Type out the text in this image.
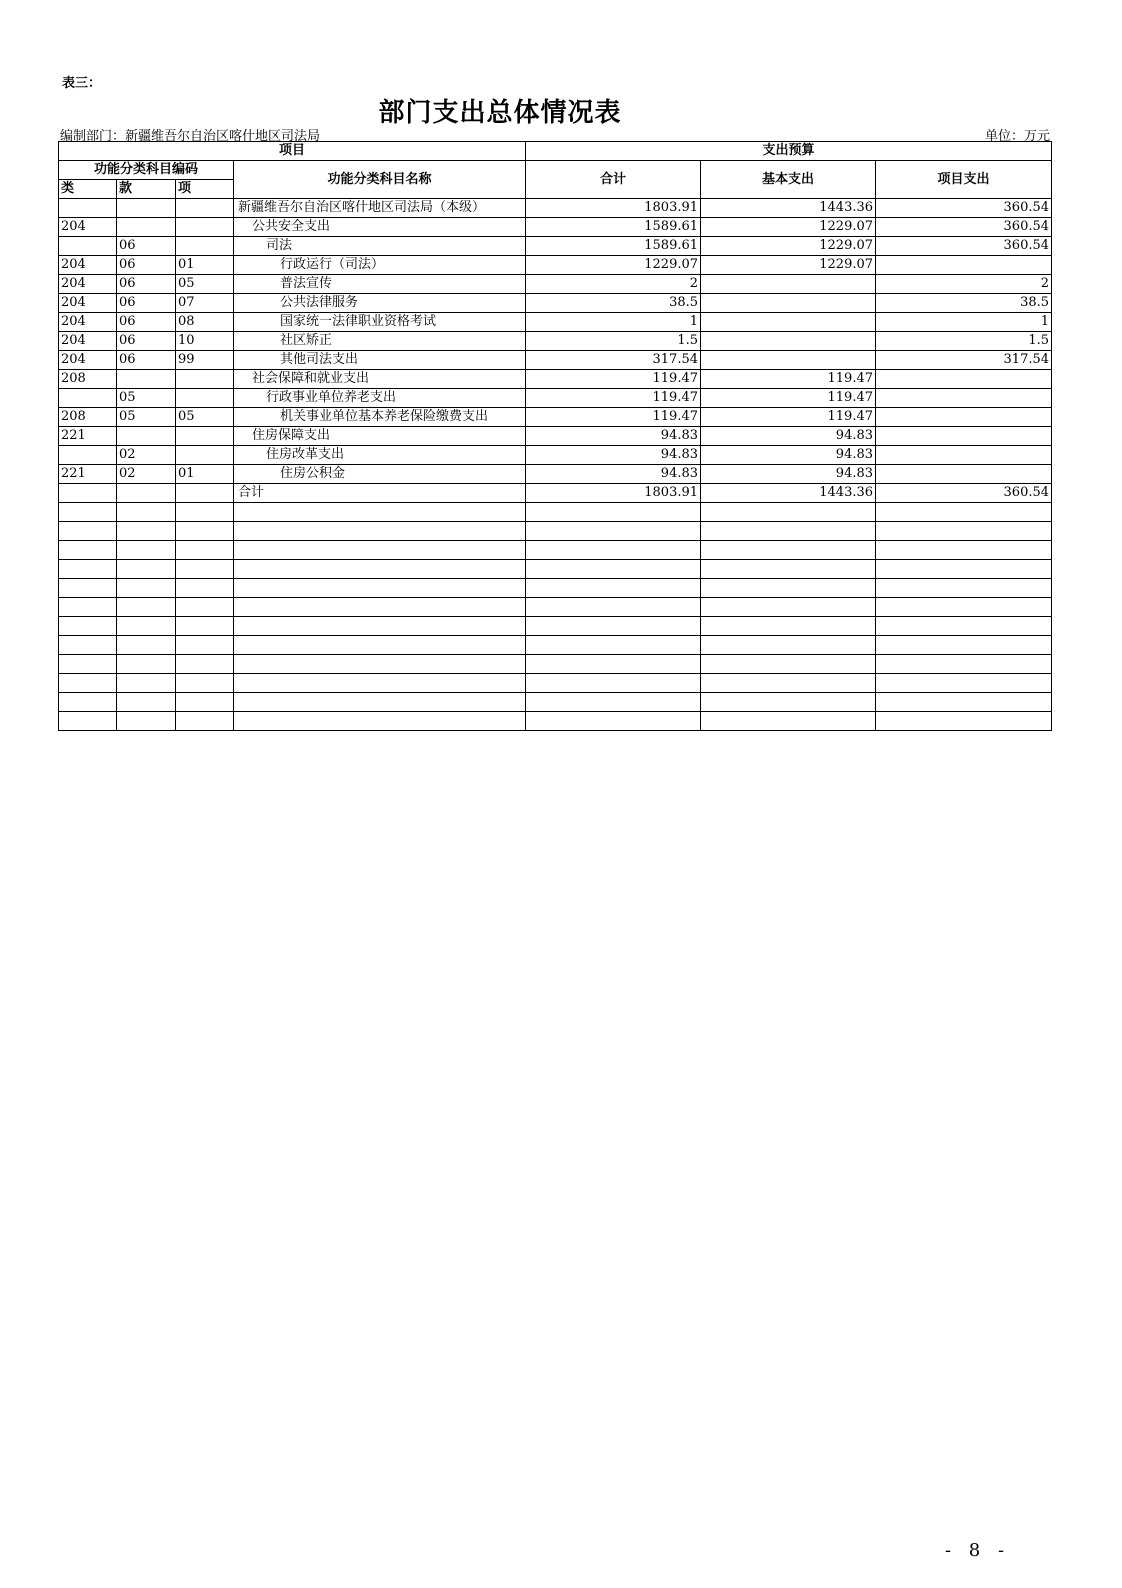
表三：
部门支出总体情况表
编制部门：新疆维吾尔自治区喀什地区司法局	单位：万元
项目				支出预算		
功能分类科目编码			功能分类科目名称	合计	基本支出	项目支出
类	款	项				
			新疆维吾尔自治区喀什地区司法局（本级）	1803.91	1443.36	360.54
204			公共安全支出	1589.61	1229.07	360.54
	06		司法	1589.61	1229.07	360.54
204	06	01	行政运行（司法）	1229.07	1229.07	
204	06	05	普法宣传	2		2
204	06	07	公共法律服务	38.5		38.5
204	06	08	国家统一法律职业资格考试	1		1
204	06	10	社区矫正	1.5		1.5
204	06	99	其他司法支出	317.54		317.54
208			社会保障和就业支出	119.47	119.47	
	05		行政事业单位养老支出	119.47	119.47	
208	05	05	机关事业单位基本养老保险缴费支出	119.47	119.47	
221			住房保障支出	94.83	94.83	
	02		住房改革支出	94.83	94.83	
221	02	01	住房公积金	94.83	94.83	
			合计	1803.91	1443.36	360.54

- 8 -
